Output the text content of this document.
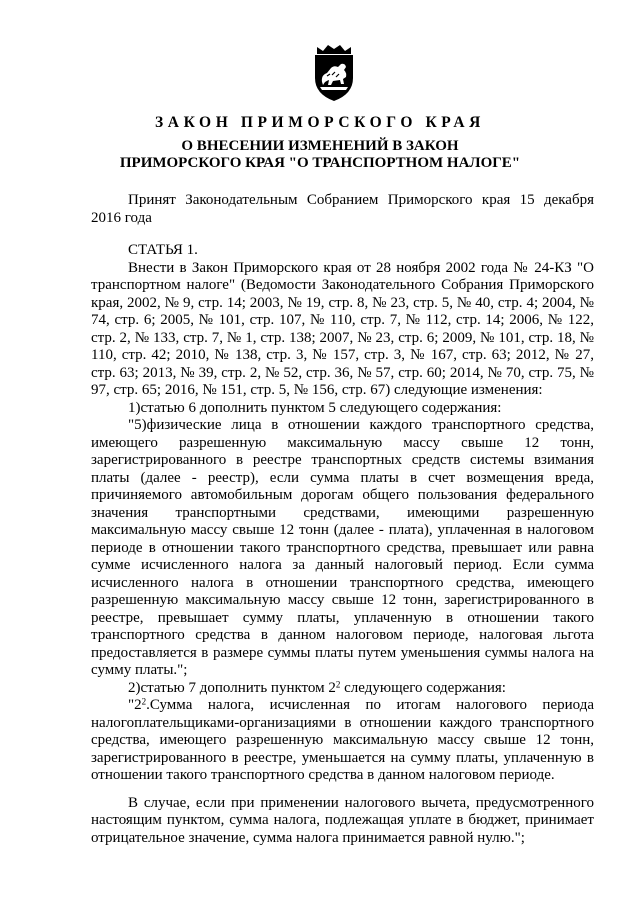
ЗАКОН ПРИМОРСКОГО КРАЯ
О ВНЕСЕНИИ ИЗМЕНЕНИЙ В ЗАКОН
ПРИМОРСКОГО КРАЯ "О ТРАНСПОРТНОМ НАЛОГЕ"

Принят Законодательным Собранием Приморского края 15 декабря 2016 года

СТАТЬЯ 1.

Внести в Закон Приморского края от 28 ноября 2002 года № 24-КЗ "О транспортном налоге" (Ведомости Законодательного Собрания Приморского края, 2002, № 9, стр. 14; 2003, № 19, стр. 8, № 23, стр. 5, № 40, стр. 4; 2004, № 74, стр. 6; 2005, № 101, стр. 107, № 110, стр. 7, № 112, стр. 14; 2006, № 122, стр. 2, № 133, стр. 7, № 1, стр. 138; 2007, № 23, стр. 6; 2009, № 101, стр. 18, № 110, стр. 42; 2010, № 138, стр. 3, № 157, стр. 3, № 167, стр. 63; 2012, № 27, стр. 63; 2013, № 39, стр. 2, № 52, стр. 36, № 57, стр. 60; 2014, № 70, стр. 75, № 97, стр. 65; 2016, № 151, стр. 5, № 156, стр. 67) следующие изменения:

1)статью 6 дополнить пунктом 5 следующего содержания:

"5)физические лица в отношении каждого транспортного средства, имеющего разрешенную максимальную массу свыше 12 тонн, зарегистрированного в реестре транспортных средств системы взимания платы (далее - реестр), если сумма платы в счет возмещения вреда, причиняемого автомобильным дорогам общего пользования федерального значения транспортными средствами, имеющими разрешенную максимальную массу свыше 12 тонн (далее - плата), уплаченная в налоговом периоде в отношении такого транспортного средства, превышает или равна сумме исчисленного налога за данный налоговый период. Если сумма исчисленного налога в отношении транспортного средства, имеющего разрешенную максимальную массу свыше 12 тонн, зарегистрированного в реестре, превышает сумму платы, уплаченную в отношении такого транспортного средства в данном налоговом периоде, налоговая льгота предоставляется в размере суммы платы путем уменьшения суммы налога на сумму платы.";

2)статью 7 дополнить пунктом $2^2$ следующего содержания:

"$2^2.Сумма$ налога, исчисленная по итогам налогового периода налогоплательщиками-организациями в отношении каждого транспортного средства, имеющего разрешенную максимальную массу свыше 12 тонн, зарегистрированного в реестре, уменьшается на сумму платы, уплаченную в отношении такого транспортного средства в данном налоговом периоде.

В случае, если при применении налогового вычета, предусмотренного настоящим пунктом, сумма налога, подлежащая уплате в бюджет, принимает отрицательное значение, сумма налога принимается равной нулю.";
